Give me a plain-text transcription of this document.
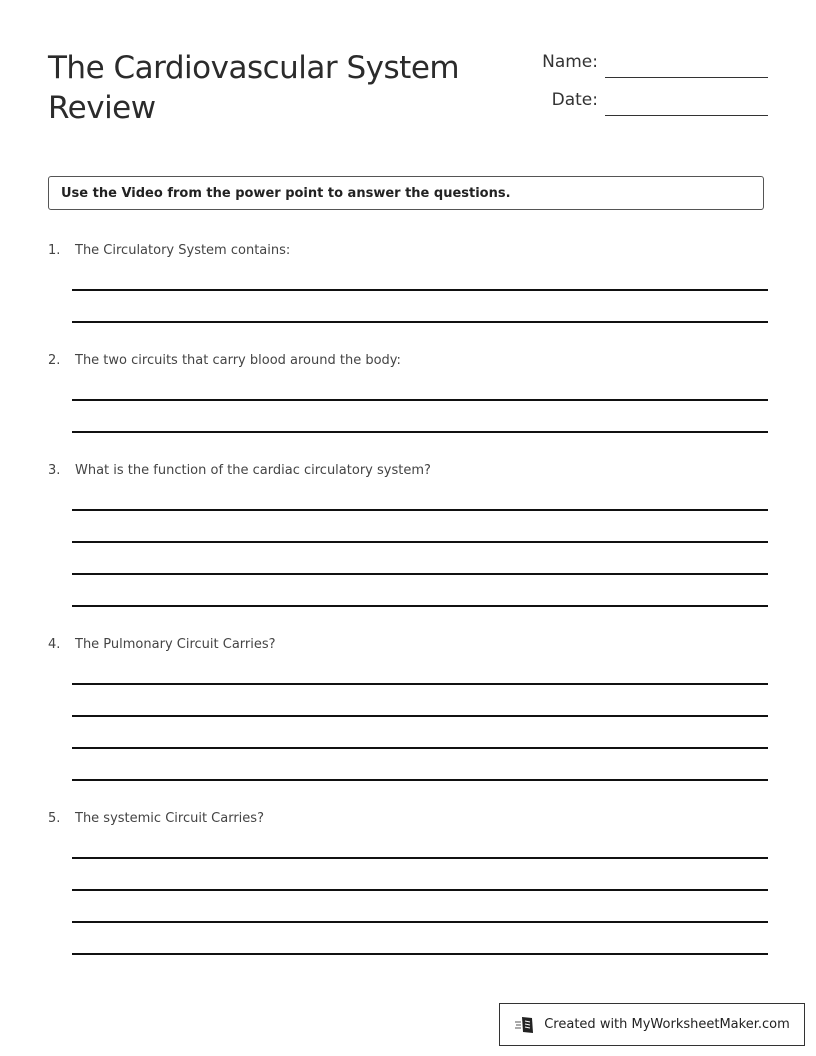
The Cardiovascular System Review
Name:
Date:
Use the Video from the power point to answer the questions.
1. The Circulatory System contains:
2. The two circuits that carry blood around the body:
3. What is the function of the cardiac circulatory system?
4. The Pulmonary Circuit Carries?
5. The systemic Circuit Carries?
Created with MyWorksheetMaker.com
